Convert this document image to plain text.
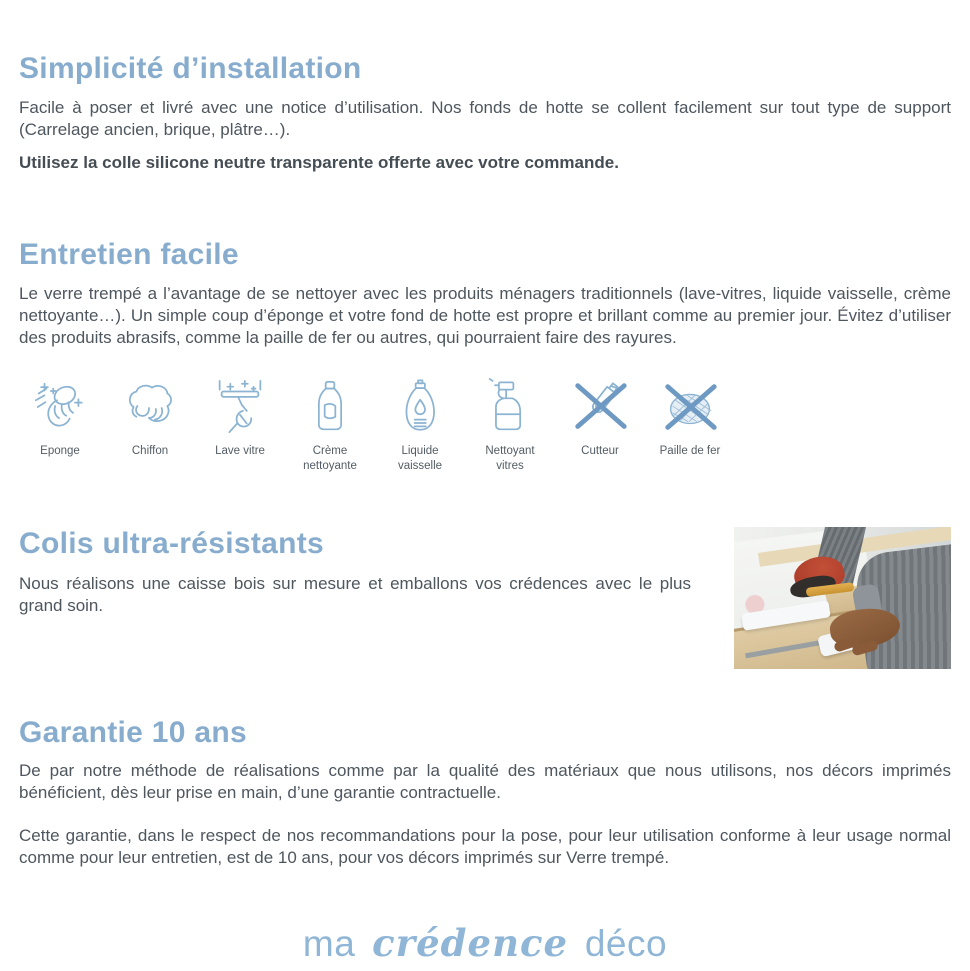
Simplicité d’installation

Facile à poser et livré avec une notice d’utilisation. Nos fonds de hotte se collent facilement sur tout type de support (Carrelage ancien, brique, plâtre…).

Utilisez la colle silicone neutre transparente offerte avec votre commande.

Entretien facile

Le verre trempé a l’avantage de se nettoyer avec les produits ménagers traditionnels (lave-vitres, liquide vaisselle, crème nettoyante…). Un simple coup d’éponge et votre fond de hotte est propre et brillant comme au premier jour. Évitez d’utiliser des produits abrasifs, comme la paille de fer ou autres, qui pourraient faire des rayures.

Eponge	Chiffon	Lave vitre	Crème nettoyante
Liquide vaisselle
Nettoyant vitres
Cutteur	Paille de fer
Colis ultra-résistants

Nous réalisons une caisse bois sur mesure et emballons vos crédences avec le plus grand soin.

Garantie 10 ans

De par notre méthode de réalisations comme par la qualité des matériaux que nous utilisons, nos décors imprimés bénéficient, dès leur prise en main, d’une garantie contractuelle.

Cette garantie, dans le respect de nos recommandations pour la pose, pour leur utilisation conforme à leur usage normal comme pour leur entretien, est de 10 ans, pour vos décors imprimés sur Verre trempé.

ma crédence déco
